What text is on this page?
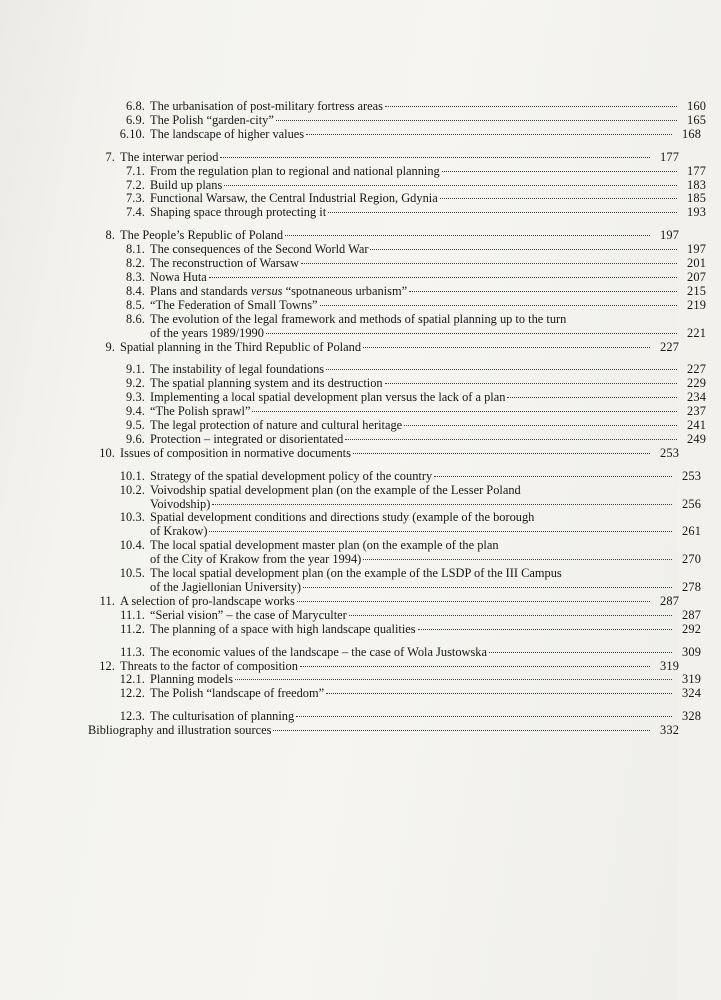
6.8. The urbanisation of post-military fortress areas	160
6.9. The Polish “garden-city”	165
6.10. The landscape of higher values	168
7. The interwar period	177
7.1. From the regulation plan to regional and national planning	177
7.2. Build up plans	183
7.3. Functional Warsaw, the Central Industrial Region, Gdynia	185
7.4. Shaping space through protecting it	193
8. The People’s Republic of Poland	197
8.1. The consequences of the Second World War	197
8.2. The reconstruction of Warsaw	201
8.3. Nowa Huta	207
8.4. Plans and standards versus “spotnaneous urbanism”	215
8.5. “The Federation of Small Towns”	219
8.6. The evolution of the legal framework and methods of spatial planning up to the turn

of the years 1989/1990	221
9. Spatial planning in the Third Republic of Poland	227
9.1. The instability of legal foundations	227
9.2. The spatial planning system and its destruction	229
9.3. Implementing a local spatial development plan versus the lack of a plan	234
9.4. “The Polish sprawl”	237
9.5. The legal protection of nature and cultural heritage	241
9.6. Protection – integrated or disorientated	249
10. Issues of composition in normative documents	253
10.1. Strategy of the spatial development policy of the country	253
10.2. Voivodship spatial development plan (on the example of the Lesser Poland

Voivodship)	256
10.3. Spatial development conditions and directions study (example of the borough

of Krakow)	261
10.4. The local spatial development master plan (on the example of the plan

of the City of Krakow from the year 1994)	270
10.5. The local spatial development plan (on the example of the LSDP of the III Campus

of the Jagiellonian University)	278
11. A selection of pro-landscape works	287
11.1. “Serial vision” – the case of Maryculter	287
11.2. The planning of a space with high landscape qualities	292
11.3. The economic values of the landscape – the case of Wola Justowska	309
12. Threats to the factor of composition	319
12.1. Planning models	319
12.2. The Polish “landscape of freedom”	324
12.3. The culturisation of planning	328
Bibliography and illustration sources	332
